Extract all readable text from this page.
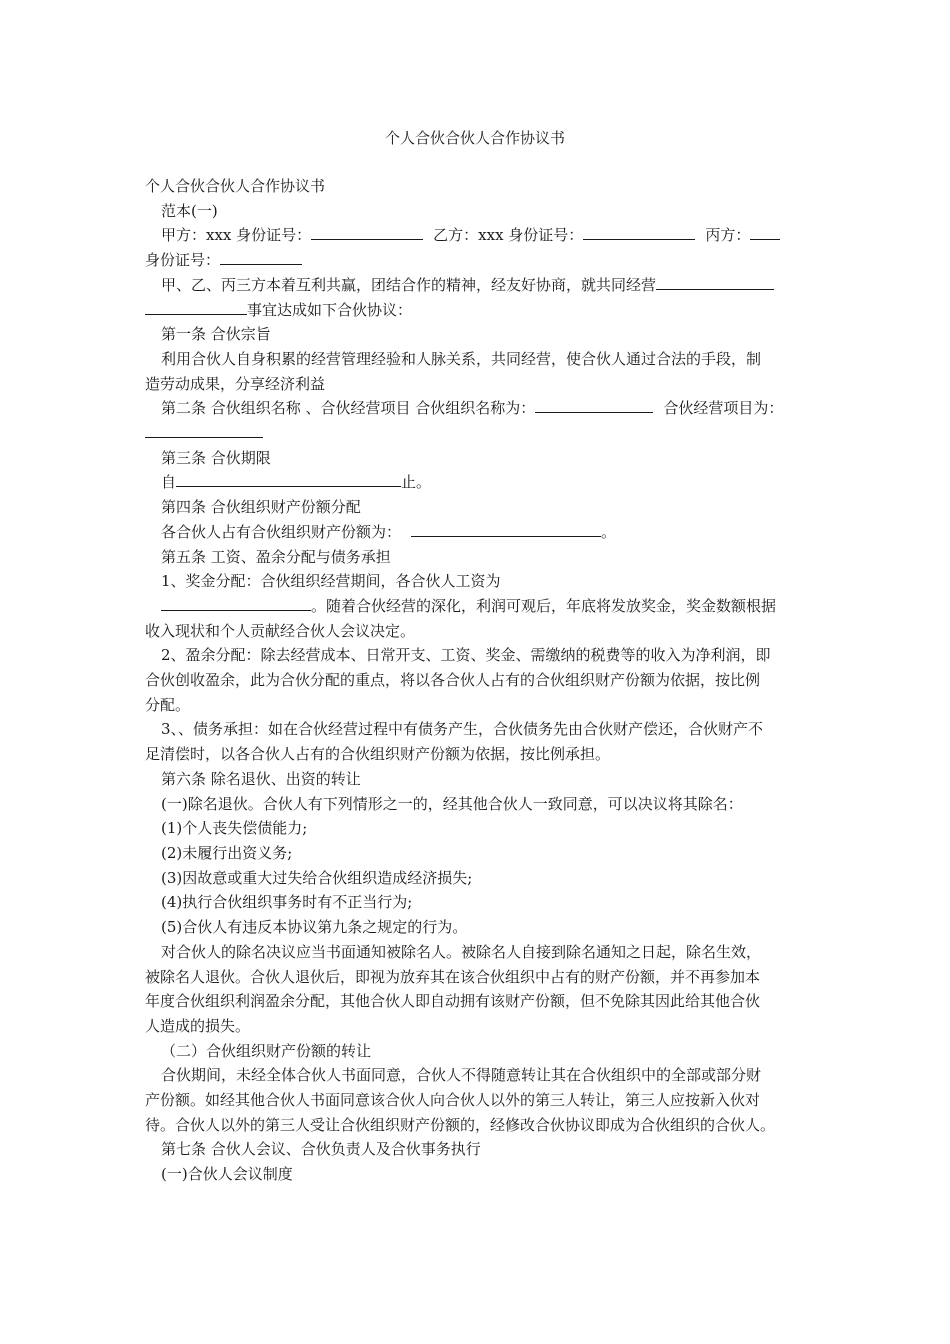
个人合伙合伙人合作协议书

个人合伙合伙人合作协议书

范本(一)

甲方：xxx 身份证号：	乙方：xxx 身份证号：	丙方：

身份证号：

甲、乙、丙三方本着互利共赢，团结合作的精神，经友好协商，就共同经营

事宜达成如下合伙协议：

第一条 合伙宗旨

利用合伙人自身积累的经营管理经验和人脉关系，共同经营，使合伙人通过合法的手段，制

造劳动成果，分享经济利益

第二条 合伙组织名称 、合伙经营项目 合伙组织名称为：	合伙经营项目为：

第三条 合伙期限

自	止。

第四条 合伙组织财产份额分配

各合伙人占有合伙组织财产份额为：	。

第五条 工资、盈余分配与债务承担

1、奖金分配：合伙组织经营期间，各合伙人工资为

。随着合伙经营的深化，利润可观后，年底将发放奖金，奖金数额根据

收入现状和个人贡献经合伙人会议决定。

2、盈余分配：除去经营成本、日常开支、工资、奖金、需缴纳的税费等的收入为净利润，即

合伙创收盈余，此为合伙分配的重点，将以各合伙人占有的合伙组织财产份额为依据，按比例

分配。

3、、债务承担：如在合伙经营过程中有债务产生，合伙债务先由合伙财产偿还，合伙财产不

足清偿时，以各合伙人占有的合伙组织财产份额为依据，按比例承担。

第六条 除名退伙、出资的转让

(一)除名退伙。合伙人有下列情形之一的，经其他合伙人一致同意，可以决议将其除名：

(1)个人丧失偿债能力;

(2)未履行出资义务;

(3)因故意或重大过失给合伙组织造成经济损失;

(4)执行合伙组织事务时有不正当行为;

(5)合伙人有违反本协议第九条之规定的行为。

对合伙人的除名决议应当书面通知被除名人。被除名人自接到除名通知之日起，除名生效，

被除名人退伙。合伙人退伙后，即视为放弃其在该合伙组织中占有的财产份额，并不再参加本

年度合伙组织利润盈余分配，其他合伙人即自动拥有该财产份额，但不免除其因此给其他合伙

人造成的损失。

（二）合伙组织财产份额的转让

合伙期间，未经全体合伙人书面同意，合伙人不得随意转让其在合伙组织中的全部或部分财

产份额。如经其他合伙人书面同意该合伙人向合伙人以外的第三人转让，第三人应按新入伙对

待。合伙人以外的第三人受让合伙组织财产份额的，经修改合伙协议即成为合伙组织的合伙人。

第七条 合伙人会议、合伙负责人及合伙事务执行

(一)合伙人会议制度
